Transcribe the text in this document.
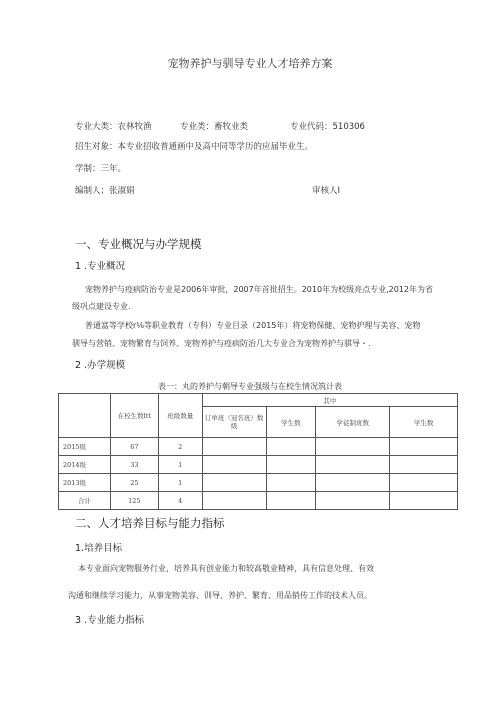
宠物养护与驯导专业人才培养方案
专业大类：农林牧渔	专业类：畜牧业类	专业代码：510306
招生对象：本专业招收普通画中及高中同等学历的应届毕业生。
学制：三年。
编制人；张淑娟	审核人I
一、专业概况与办学规模
1 .专业概况
宠物养护与疫病防治专业是2006年审批，2007年首批招生。2010年为校级亮点专业,2012年为省
级巩点建设专业.
普通富等学校r⅛等职业教育（专科）专业目录（2015年）将宠物保健、宠物护理与美容、宠物
驯导与营销、宠物繁育与饲养、宠物养护与疫病防治几大专业合为宠物养护与骐导・.
2 .办学规模
表一：丸的养护与朝导专业强级与在校生情况筑计表
	在校生数ltt	班级数量	其中			
			订单班（冠名班）数级	学生数	学徒制班数	学生数
2015级	67	2				
2014级	33	1				
2013级	25	1				
合计	125	4				
二、人才培养目标与能力指标
1.培养目标
本专业面向宠物服务行业，培养具有创业能力和较高敬业精神，具有信息处理、有效
沟通和继续学习能力，从事宠物美容、训导、养护、繁育、用品销传工作的技术人员。
3 .专业能力指标
